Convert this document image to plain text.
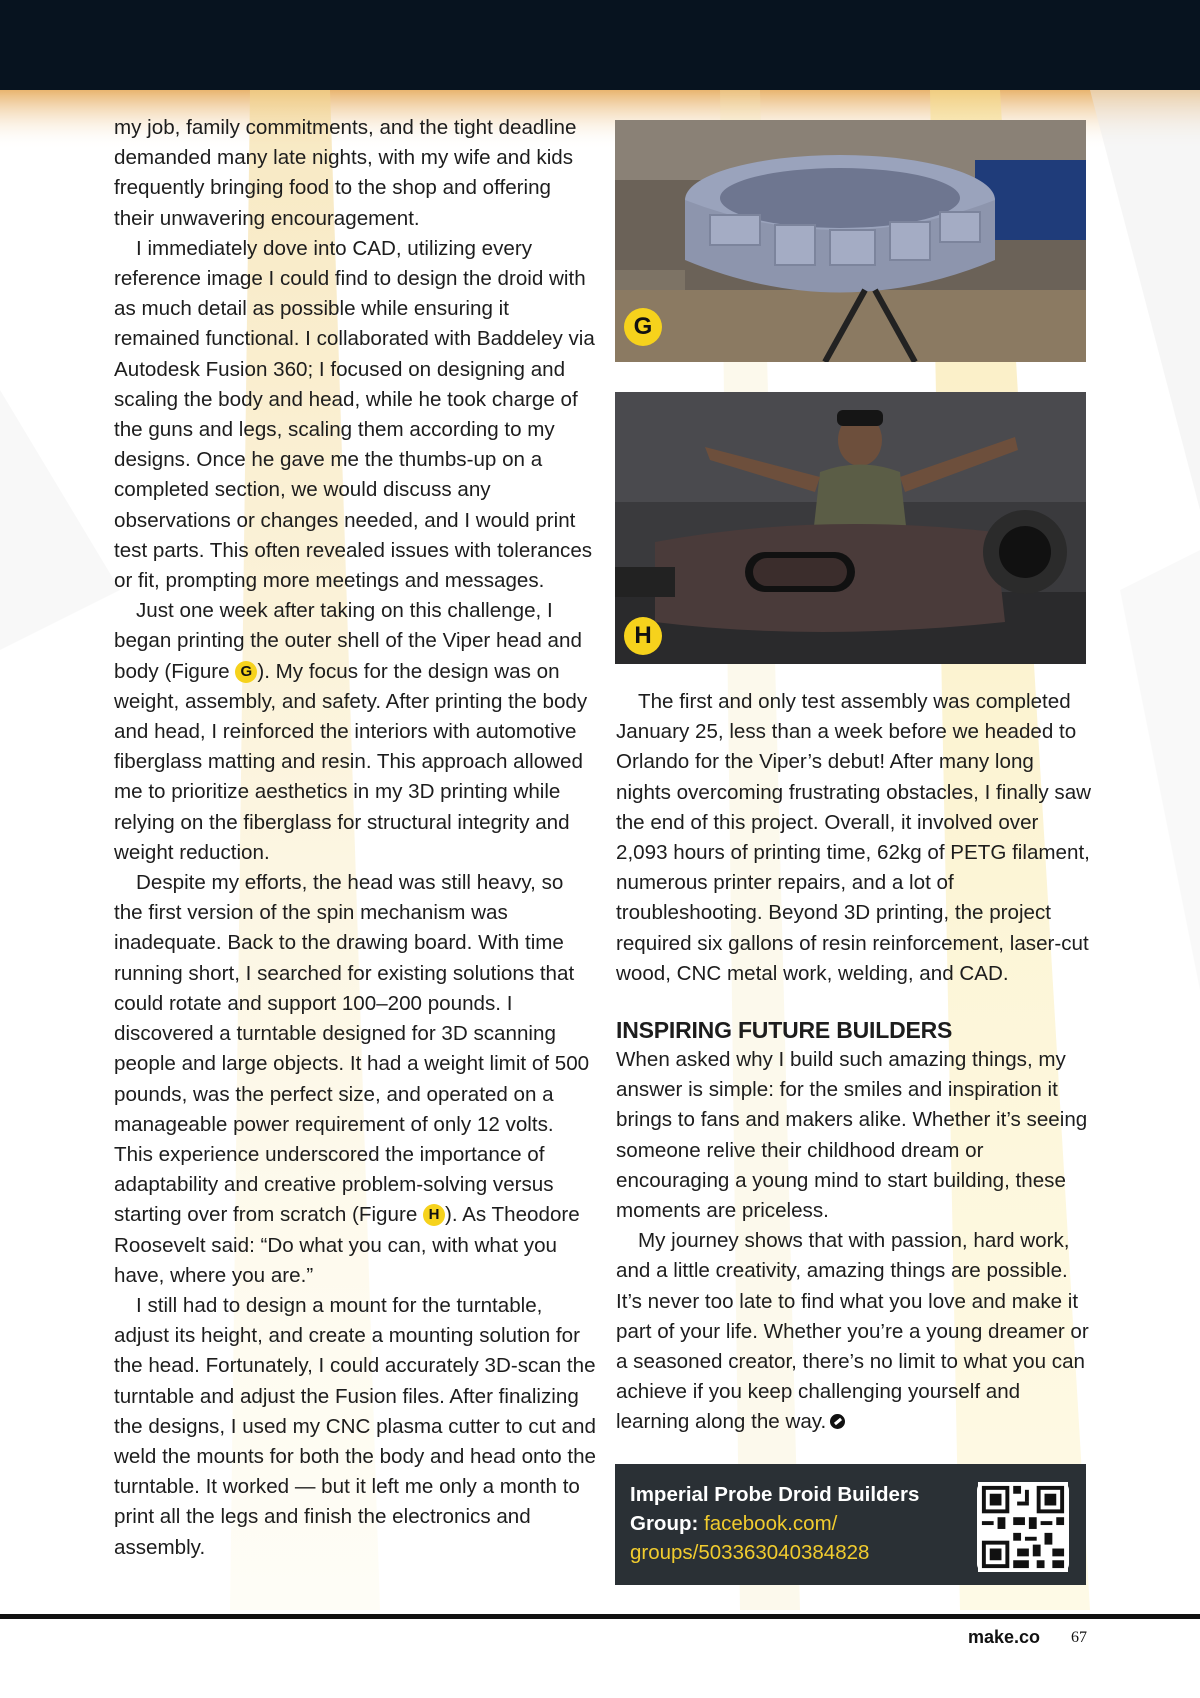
my job, family commitments, and the tight deadline demanded many late nights, with my wife and kids frequently bringing food to the shop and offering their unwavering encouragement.

I immediately dove into CAD, utilizing every reference image I could find to design the droid with as much detail as possible while ensuring it remained functional. I collaborated with Baddeley via Autodesk Fusion 360; I focused on designing and scaling the body and head, while he took charge of the guns and legs, scaling them according to my designs. Once he gave me the thumbs-up on a completed section, we would discuss any observations or changes needed, and I would print test parts. This often revealed issues with tolerances or fit, prompting more meetings and messages.

Just one week after taking on this challenge, I began printing the outer shell of the Viper head and body (Figure G ). My focus for the design was on weight, assembly, and safety. After printing the body and head, I reinforced the interiors with automotive fiberglass matting and resin. This approach allowed me to prioritize aesthetics in my 3D printing while relying on the fiberglass for structural integrity and weight reduction.

Despite my efforts, the head was still heavy, so the first version of the spin mechanism was inadequate. Back to the drawing board. With time running short, I searched for existing solutions that could rotate and support 100–200 pounds. I discovered a turntable designed for 3D scanning people and large objects. It had a weight limit of 500 pounds, was the perfect size, and operated on a manageable power requirement of only 12 volts. This experience underscored the importance of adaptability and creative problem-solving versus starting over from scratch (Figure H ). As Theodore Roosevelt said: “Do what you can, with what you have, where you are.”

I still had to design a mount for the turntable, adjust its height, and create a mounting solution for the head. Fortunately, I could accurately 3D-scan the turntable and adjust the Fusion files. After finalizing the designs, I used my CNC plasma cutter to cut and weld the mounts for both the body and head onto the turntable. It worked — but it left me only a month to print all the legs and finish the electronics and assembly.

G
H

The first and only test assembly was completed January 25, less than a week before we headed to Orlando for the Viper’s debut! After many long nights overcoming frustrating obstacles, I finally saw the end of this project. Overall, it involved over 2,093 hours of printing time, 62kg of PETG filament, numerous printer repairs, and a lot of troubleshooting. Beyond 3D printing, the project required six gallons of resin reinforcement, laser-cut wood, CNC metal work, welding, and CAD.

INSPIRING FUTURE BUILDERS

When asked why I build such amazing things, my answer is simple: for the smiles and inspiration it brings to fans and makers alike. Whether it’s seeing someone relive their childhood dream or encouraging a young mind to start building, these moments are priceless.

My journey shows that with passion, hard work, and a little creativity, amazing things are possible. It’s never too late to find what you love and make it part of your life. Whether you’re a young dreamer or a seasoned creator, there’s no limit to what you can achieve if you keep challenging yourself and learning along the way.

Imperial Probe Droid Builders
Group: facebook.com/
groups/503363040384828
make.co 67
